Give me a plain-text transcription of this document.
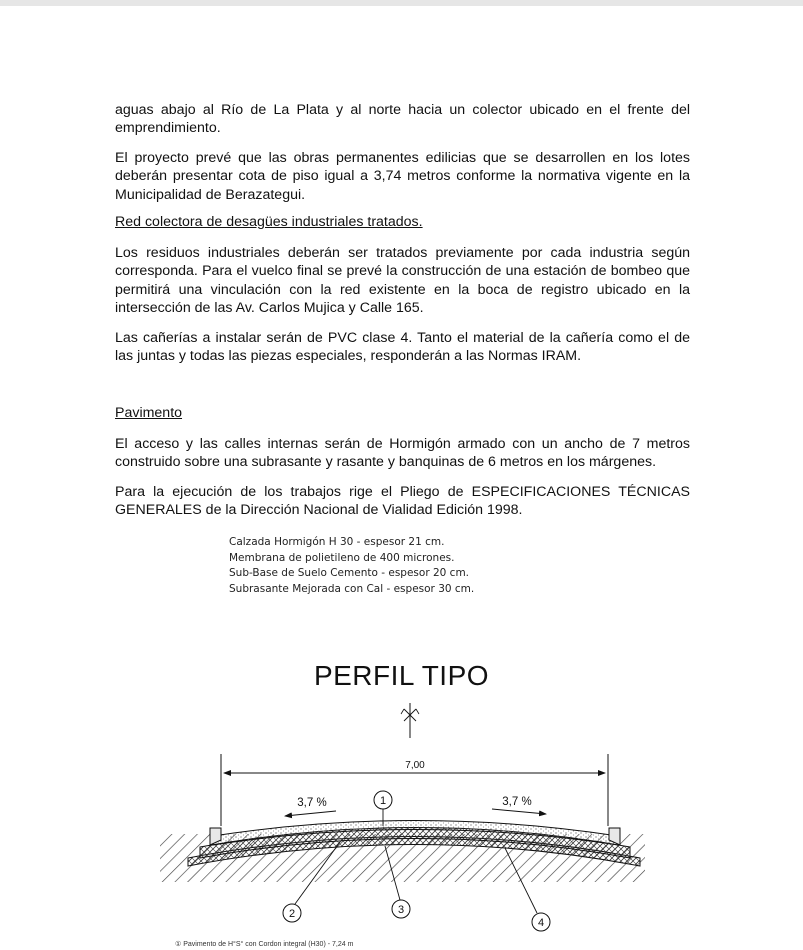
aguas abajo al Río de La Plata y al norte hacia un colector ubicado en el frente del emprendimiento.

El proyecto prevé que las obras permanentes edilicias que se desarrollen en los lotes deberán presentar cota de piso igual a 3,74 metros conforme la normativa vigente en la Municipalidad de Berazategui.

Red colectora de desagües industriales tratados.

Los residuos industriales deberán ser tratados previamente por cada industria según corresponda. Para el vuelco final se prevé la construcción de una estación de bombeo que permitirá una vinculación con la red existente en la boca de registro ubicado en la intersección de las Av. Carlos Mujica y Calle 165.

Las cañerías a instalar serán de PVC clase 4. Tanto el material de la cañería como el de las juntas y todas las piezas especiales, responderán a las Normas IRAM.

Pavimento

El acceso y las calles internas serán de Hormigón armado con un ancho de 7 metros construido sobre una subrasante y rasante y banquinas de 6 metros en los márgenes.

Para la ejecución de los trabajos rige el Pliego de ESPECIFICACIONES TÉCNICAS GENERALES de la Dirección Nacional de Vialidad Edición 1998.

Calzada Hormigón H 30 - espesor 21 cm.
Membrana de polietileno de 400 micrones.
Sub-Base de Suelo Cemento - espesor 20 cm.
Subrasante Mejorada con Cal - espesor 30 cm.
PERFIL TIPO
7,00
3,7 %	3,7 %
1
2	3
4
① Pavimento de H°S° con Cordon integral (H30) - 7,24 m
